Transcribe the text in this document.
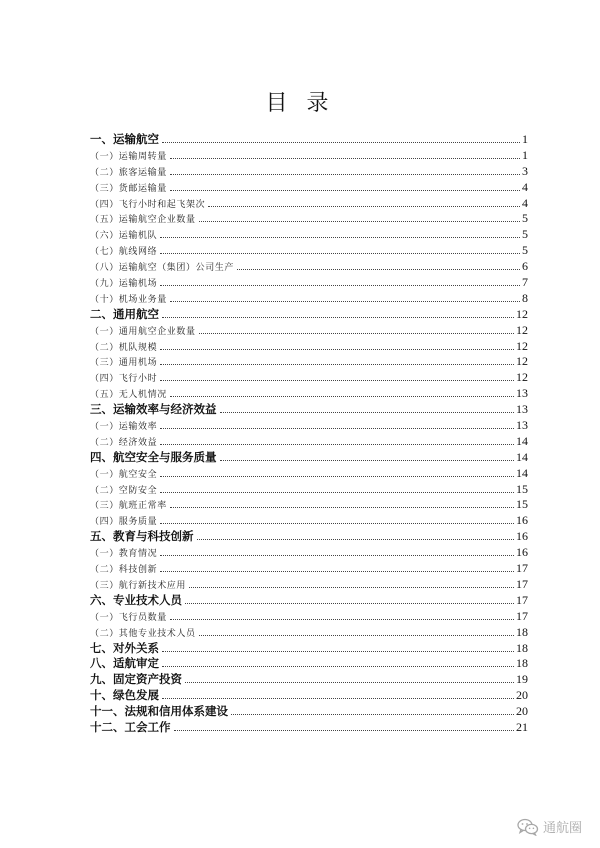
目 录
一、运输航空	1
（一）运输周转量	1
（二）旅客运输量	3
（三）货邮运输量	4
（四）飞行小时和起飞架次	4
（五）运输航空企业数量	5
（六）运输机队	5
（七）航线网络	5
（八）运输航空（集团）公司生产	6
（九）运输机场	7
（十）机场业务量	8
二、通用航空	12
（一）通用航空企业数量	12
（二）机队规模	12
（三）通用机场	12
（四）飞行小时	12
（五）无人机情况	13
三、运输效率与经济效益	13
（一）运输效率	13
（二）经济效益	14
四、航空安全与服务质量	14
（一）航空安全	14
（二）空防安全	15
（三）航班正常率	15
（四）服务质量	16
五、教育与科技创新	16
（一）教育情况	16
（二）科技创新	17
（三）航行新技术应用	17
六、专业技术人员	17
（一）飞行员数量	17
（二）其他专业技术人员	18
七、对外关系	18
八、适航审定	18
九、固定资产投资	19
十、绿色发展	20
十一、法规和信用体系建设	20
十二、工会工作	21
通航圈
